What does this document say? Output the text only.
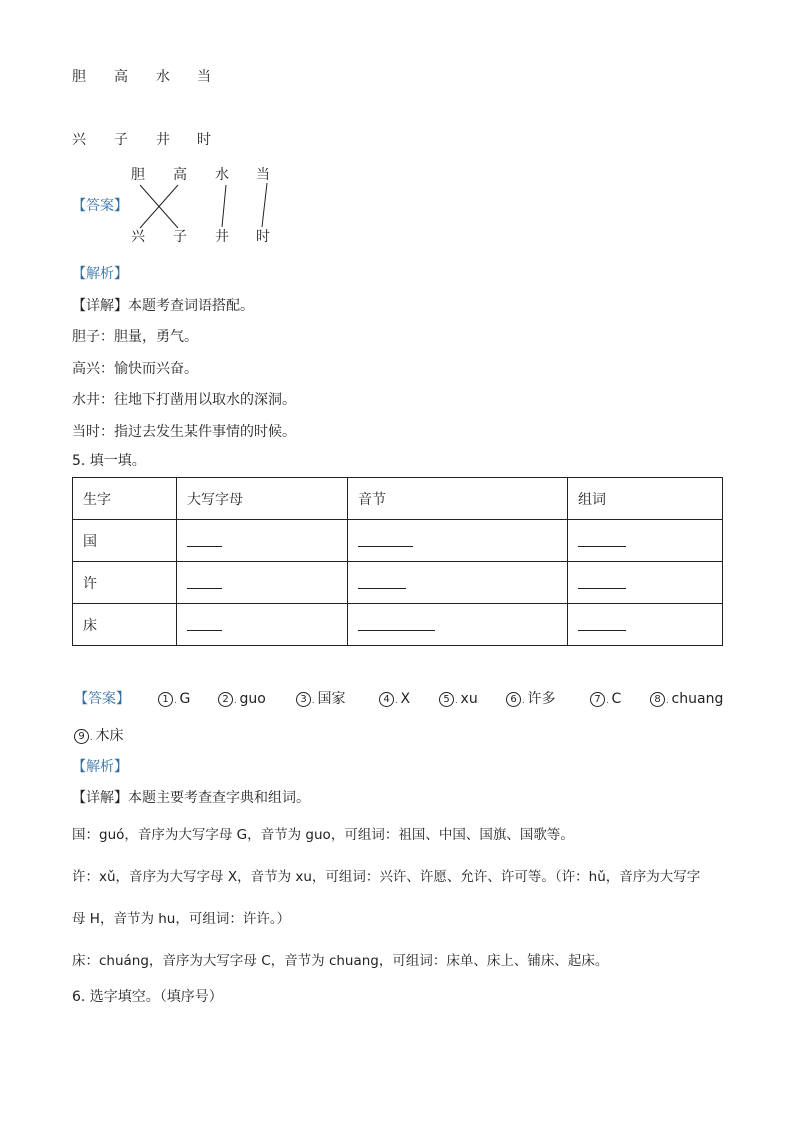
胆 高 水 当
兴 子 井 时
【答案】
胆 高 水 当
兴 子 井 时
【解析】
【详解】本题考查词语搭配。
胆子：胆量，勇气。
高兴：愉快而兴奋。
水井：往地下打凿用以取水的深洞。
当时：指过去发生某件事情的时候。
5. 填一填。
生字	大写字母	音节	组词
国			
许			
床			
【答案】	1 . G	2 . guo	3 . 国家	4 . X	5 . xu	6 . 许多	7 . C	8 . chuang
9 . 木床
【解析】
【详解】本题主要考查查字典和组词。
国：guó，音序为大写字母 G，音节为 guo，可组词：祖国、中国、国旗、国歌等。
许：xǔ，音序为大写字母 X，音节为 xu，可组词：兴许、许愿、允许、许可等。（许：hǔ，音序为大写字
母 H，音节为 hu，可组词：许许。）
床：chuáng，音序为大写字母 C，音节为 chuang，可组词：床单、床上、铺床、起床。
6. 选字填空。（填序号）
